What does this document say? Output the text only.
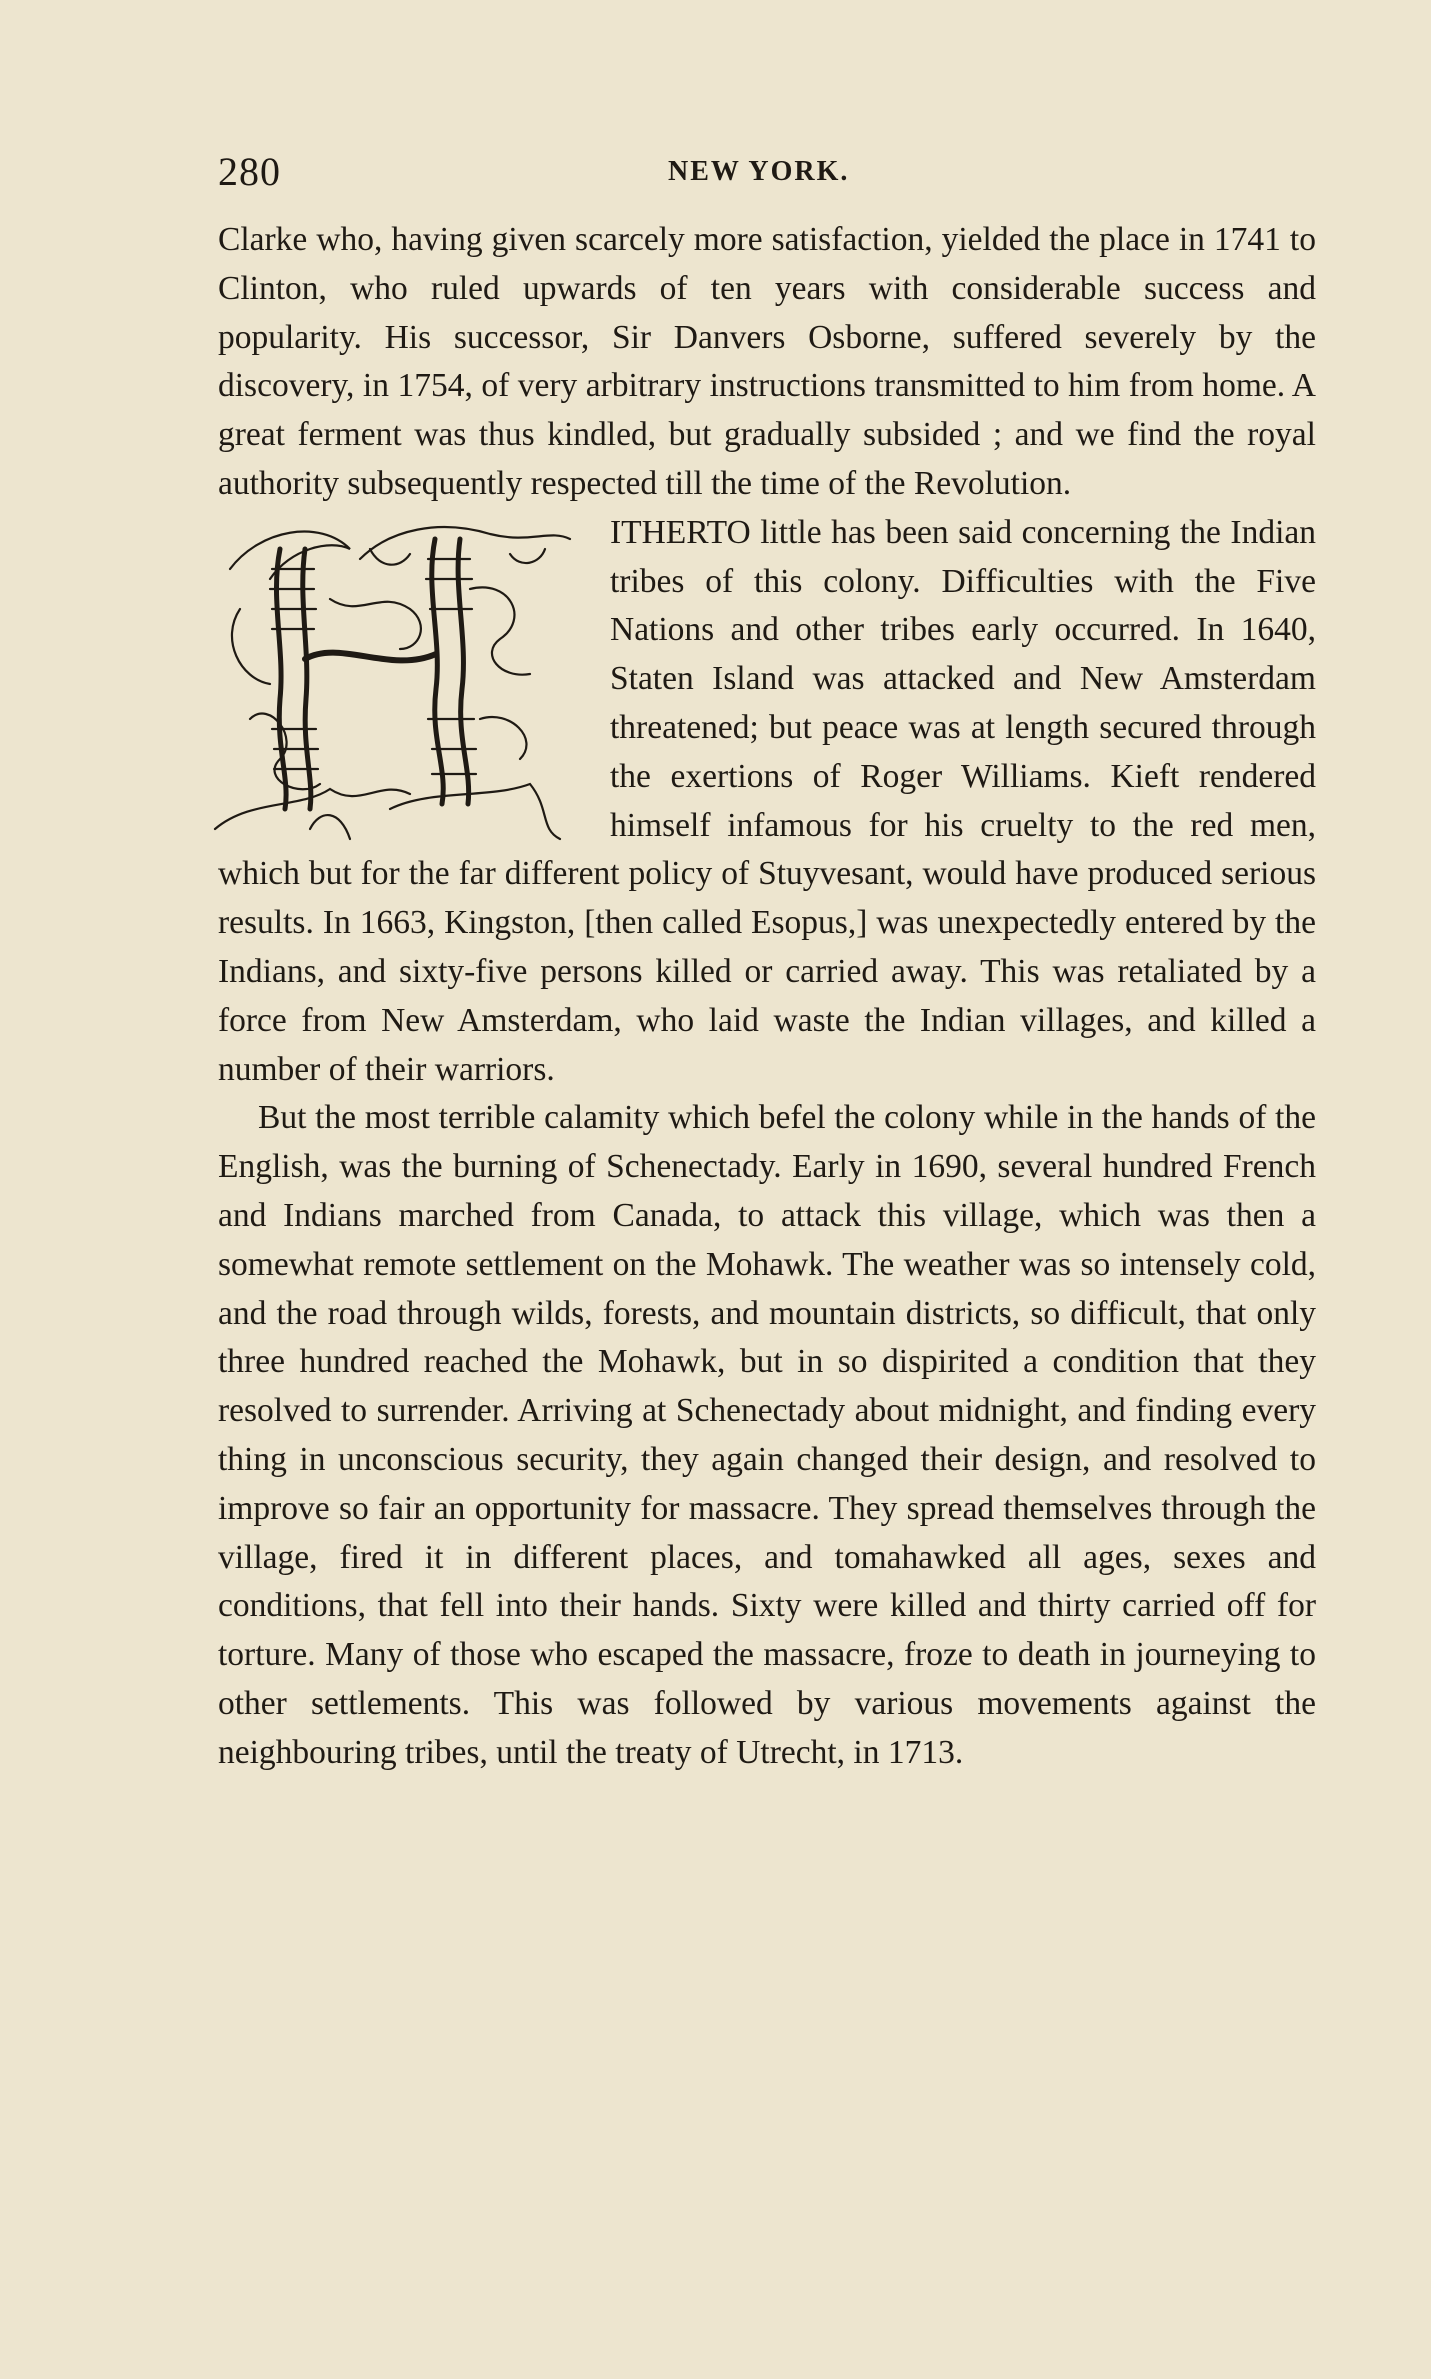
280	NEW YORK.

Clarke who, having given scarcely more satisfaction, yielded the place in 1741 to Clinton, who ruled upwards of ten years with considerable success and popularity. His successor, Sir Danvers Osborne, suffered severely by the discovery, in 1754, of very arbitrary instructions transmitted to him from home. A great ferment was thus kindled, but gradually subsided ; and we find the royal authority subsequently respected till the time of the Revolution.

ITHERTO little has been said concerning the Indian tribes of this colony. Difficulties with the Five Nations and other tribes early occurred. In 1640, Staten Island was attacked and New Amsterdam threatened; but peace was at length secured through the exertions of Roger Williams. Kieft rendered himself infamous for his cruelty to the red men, which but for the far different policy of Stuyvesant, would have produced serious results. In 1663, Kingston, [then called Esopus,] was unexpectedly entered by the Indians, and sixty-five persons killed or carried away. This was retaliated by a force from New Amsterdam, who laid waste the Indian villages, and killed a number of their warriors.

But the most terrible calamity which befel the colony while in the hands of the English, was the burning of Schenectady. Early in 1690, several hundred French and Indians marched from Canada, to attack this village, which was then a somewhat remote settlement on the Mohawk. The weather was so intensely cold, and the road through wilds, forests, and mountain districts, so difficult, that only three hundred reached the Mohawk, but in so dispirited a condition that they resolved to surrender. Arriving at Schenectady about midnight, and finding every thing in unconscious security, they again changed their design, and resolved to improve so fair an opportunity for massacre. They spread themselves through the village, fired it in different places, and tomahawked all ages, sexes and conditions, that fell into their hands. Sixty were killed and thirty carried off for torture. Many of those who escaped the massacre, froze to death in journeying to other settlements. This was followed by various movements against the neighbouring tribes, until the treaty of Utrecht, in 1713.
